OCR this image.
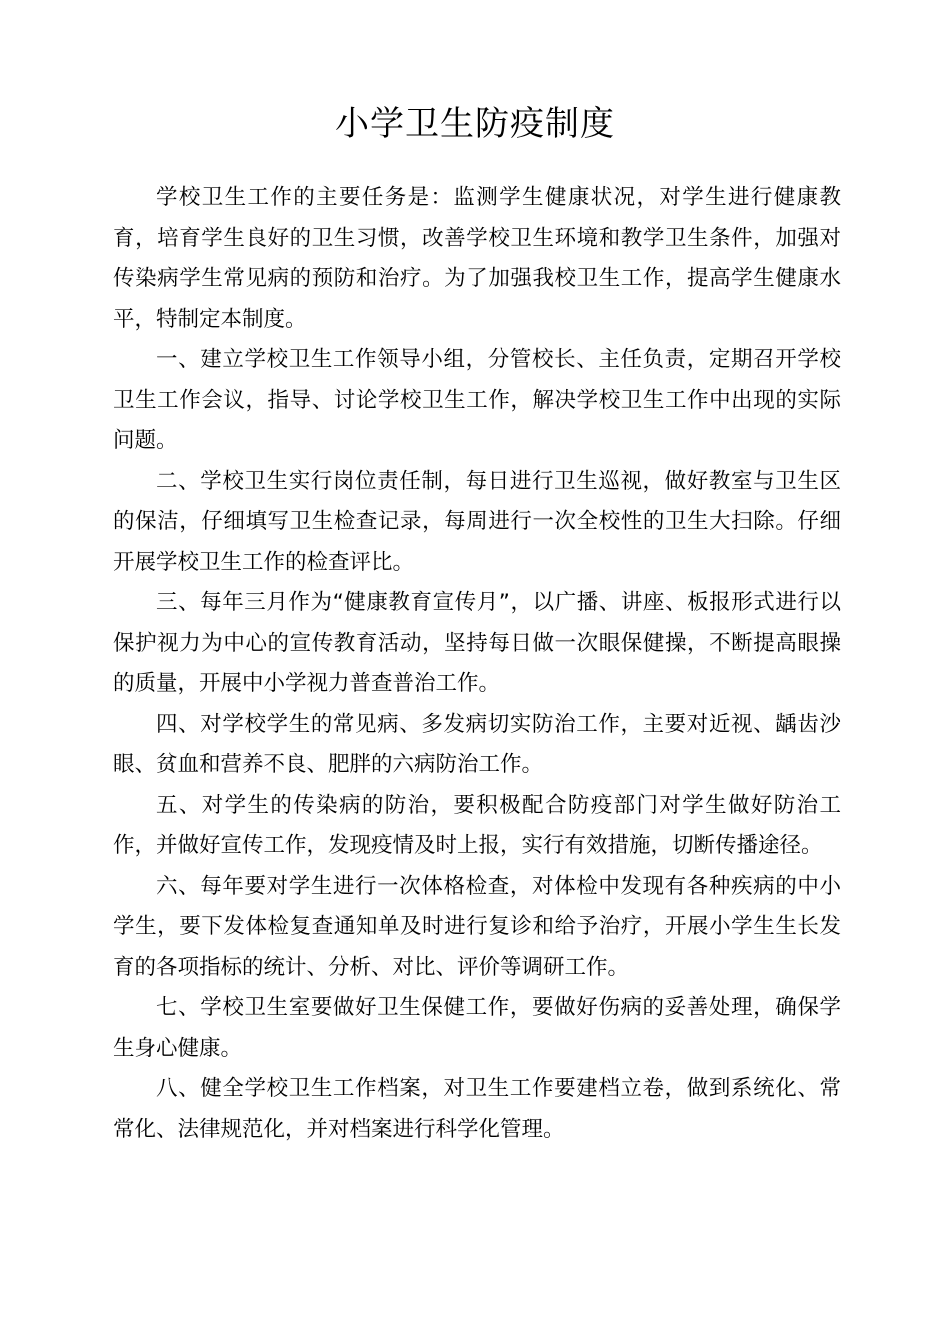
小学卫生防疫制度

学校卫生工作的主要任务是：监测学生健康状况，对学生进行健康教育，培育学生良好的卫生习惯，改善学校卫生环境和教学卫生条件，加强对传染病学生常见病的预防和治疗。为了加强我校卫生工作，提高学生健康水平，特制定本制度。

一、建立学校卫生工作领导小组，分管校长、主任负责，定期召开学校卫生工作会议，指导、讨论学校卫生工作，解决学校卫生工作中出现的实际问题。

二、学校卫生实行岗位责任制，每日进行卫生巡视，做好教室与卫生区的保洁，仔细填写卫生检查记录，每周进行一次全校性的卫生大扫除。仔细开展学校卫生工作的检查评比。

三、每年三月作为“健康教育宣传月”，以广播、讲座、板报形式进行以保护视力为中心的宣传教育活动，坚持每日做一次眼保健操，不断提高眼操的质量，开展中小学视力普查普治工作。

四、对学校学生的常见病、多发病切实防治工作，主要对近视、龋齿沙眼、贫血和营养不良、肥胖的六病防治工作。

五、对学生的传染病的防治，要积极配合防疫部门对学生做好防治工作，并做好宣传工作，发现疫情及时上报，实行有效措施，切断传播途径。

六、每年要对学生进行一次体格检查，对体检中发现有各种疾病的中小学生，要下发体检复查通知单及时进行复诊和给予治疗，开展小学生生长发育的各项指标的统计、分析、对比、评价等调研工作。

七、学校卫生室要做好卫生保健工作，要做好伤病的妥善处理，确保学生身心健康。

八、健全学校卫生工作档案，对卫生工作要建档立卷，做到系统化、常常化、法律规范化，并对档案进行科学化管理。
